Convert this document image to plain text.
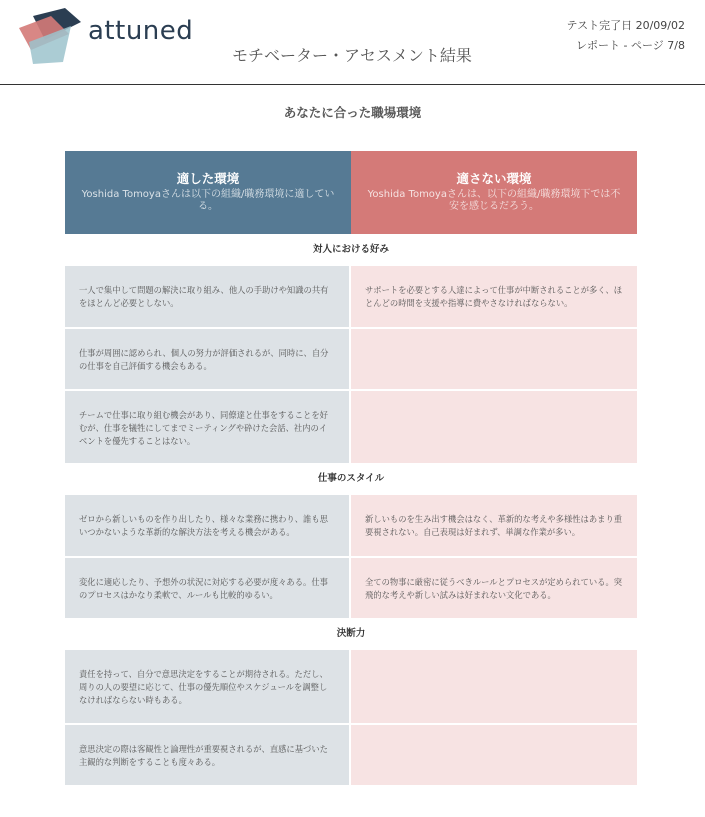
attuned
モチベーター・アセスメント結果
テスト完了日 20/09/02
レポート - ページ 7/8
あなたに合った職場環境
適した環境
Yoshida Tomoyaさんは以下の組織/職務環境に適している。
適さない環境
Yoshida Tomoyaさんは、以下の組織/職務環境下では不安を感じるだろう。
対人における好み
一人で集中して問題の解決に取り組み、他人の手助けや知識の共有をほとんど必要としない。
サポートを必要とする人達によって仕事が中断されることが多く、ほとんどの時間を支援や指導に費やさなければならない。
仕事が周囲に認められ、個人の努力が評価されるが、同時に、自分の仕事を自己評価する機会もある。
チームで仕事に取り組む機会があり、同僚達と仕事をすることを好むが、仕事を犠牲にしてまでミーティングや砕けた会話、社内のイベントを優先することはない。
仕事のスタイル
ゼロから新しいものを作り出したり、様々な業務に携わり、誰も思いつかないような革新的な解決方法を考える機会がある。
新しいものを生み出す機会はなく、革新的な考えや多様性はあまり重要視されない。自己表現は好まれず、単調な作業が多い。
変化に適応したり、予想外の状況に対応する必要が度々ある。仕事のプロセスはかなり柔軟で、ルールも比較的ゆるい。
全ての物事に厳密に従うべきルールとプロセスが定められている。突飛的な考えや新しい試みは好まれない文化である。
決断力
責任を持って、自分で意思決定をすることが期待される。ただし、周りの人の要望に応じて、仕事の優先順位やスケジュールを調整しなければならない時もある。
意思決定の際は客観性と論理性が重要視されるが、直感に基づいた主観的な判断をすることも度々ある。
